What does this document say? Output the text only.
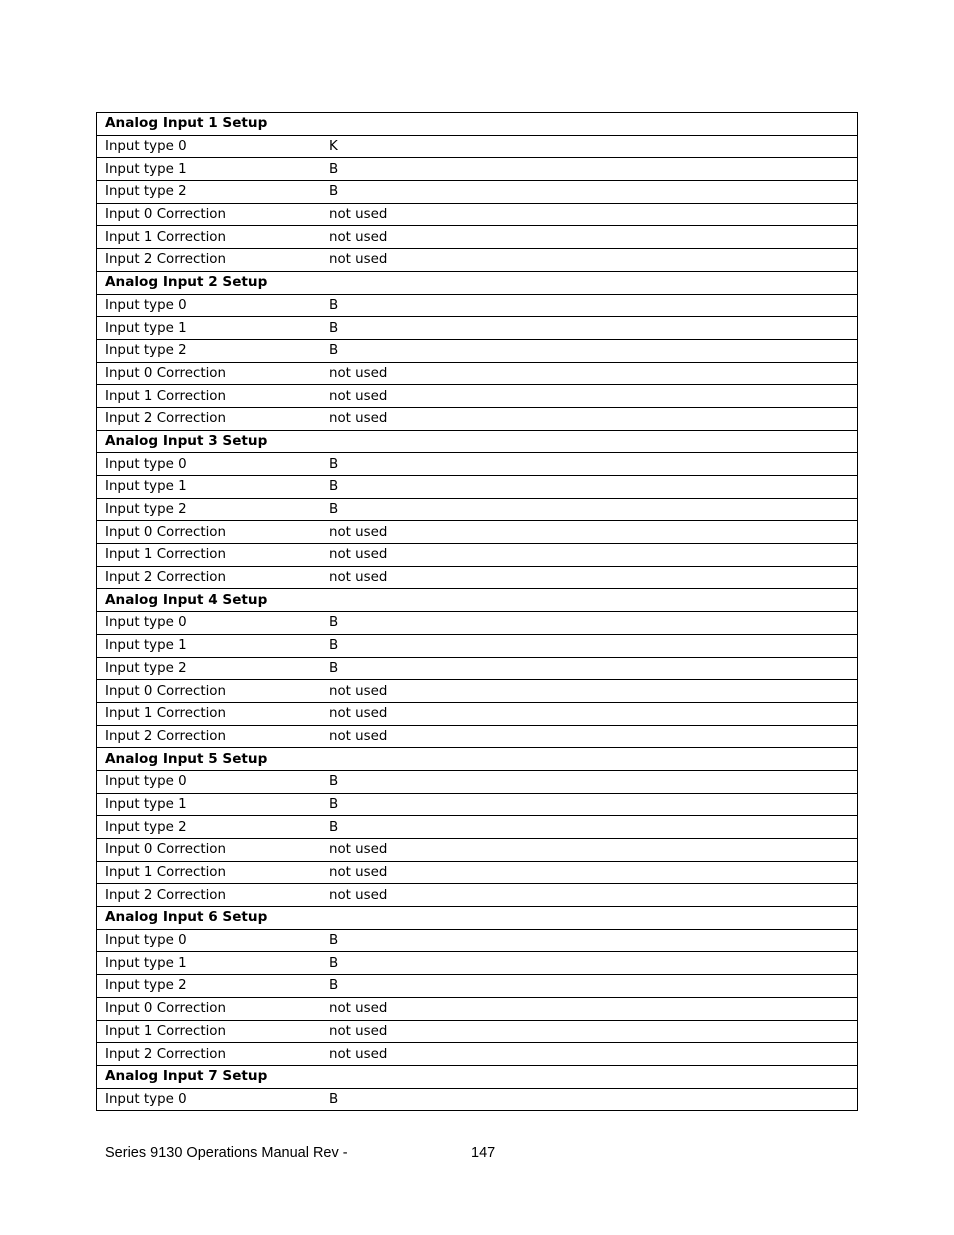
Analog Input 1 Setup	
Input type 0	K
Input type 1	B
Input type 2	B
Input 0 Correction	not used
Input 1 Correction	not used
Input 2 Correction	not used
Analog Input 2 Setup	
Input type 0	B
Input type 1	B
Input type 2	B
Input 0 Correction	not used
Input 1 Correction	not used
Input 2 Correction	not used
Analog Input 3 Setup	
Input type 0	B
Input type 1	B
Input type 2	B
Input 0 Correction	not used
Input 1 Correction	not used
Input 2 Correction	not used
Analog Input 4 Setup	
Input type 0	B
Input type 1	B
Input type 2	B
Input 0 Correction	not used
Input 1 Correction	not used
Input 2 Correction	not used
Analog Input 5 Setup	
Input type 0	B
Input type 1	B
Input type 2	B
Input 0 Correction	not used
Input 1 Correction	not used
Input 2 Correction	not used
Analog Input 6 Setup	
Input type 0	B
Input type 1	B
Input type 2	B
Input 0 Correction	not used
Input 1 Correction	not used
Input 2 Correction	not used
Analog Input 7 Setup	
Input type 0	B
Series 9130 Operations Manual Rev -	147
